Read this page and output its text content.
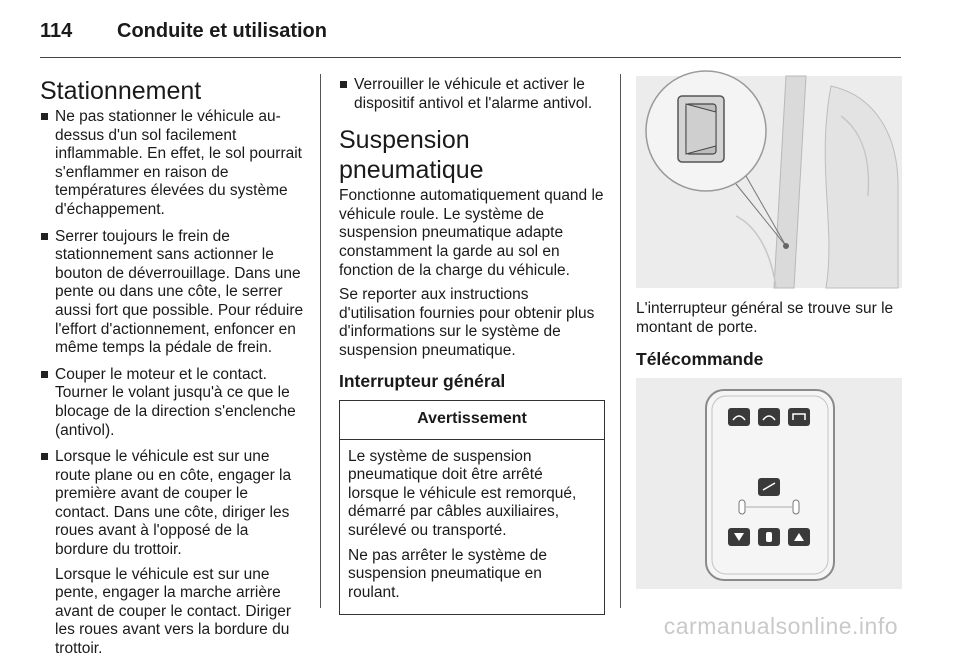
114 Conduite et utilisation
Stationnement

Ne pas stationner le véhicule au-dessus d'un sol facilement inflammable. En effet, le sol pourrait s'enflammer en raison de températures élevées du système d'échappement.

Serrer toujours le frein de stationnement sans actionner le bouton de déverrouillage. Dans une pente ou dans une côte, le serrer aussi fort que possible. Pour réduire l'effort d'actionnement, enfoncer en même temps la pédale de frein.

Couper le moteur et le contact. Tourner le volant jusqu'à ce que le blocage de la direction s'enclenche (antivol).

Lorsque le véhicule est sur une route plane ou en côte, engager la première avant de couper le contact. Dans une côte, diriger les roues avant à l'opposé de la bordure du trottoir.

Lorsque le véhicule est sur une pente, engager la marche arrière avant de couper le contact. Diriger les roues avant vers la bordure du trottoir.

Verrouiller le véhicule et activer le dispositif antivol et l'alarme antivol.

Suspension pneumatique

Fonctionne automatiquement quand le véhicule roule. Le système de suspension pneumatique adapte constamment la garde au sol en fonction de la charge du véhicule.

Se reporter aux instructions d'utilisation fournies pour obtenir plus d'informations sur le système de suspension pneumatique.

Interrupteur général
Avertissement

Le système de suspension pneumatique doit être arrêté lorsque le véhicule est remorqué, démarré par câbles auxiliaires, surélevé ou transporté.

Ne pas arrêter le système de suspension pneumatique en roulant.

L'interrupteur général se trouve sur le montant de porte.

Télécommande
carmanualsonline.info
